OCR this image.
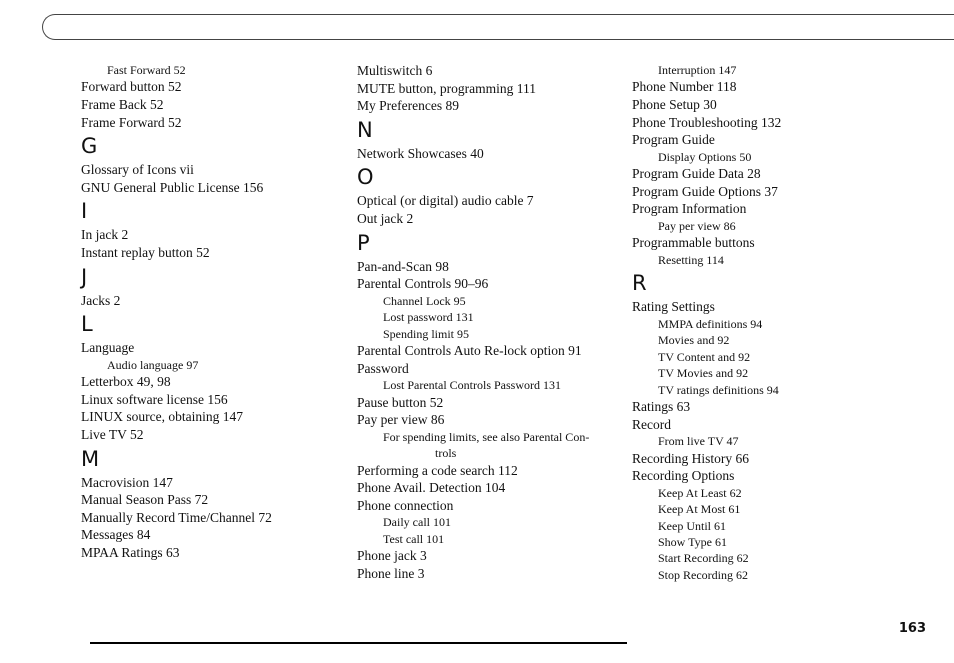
Fast Forward 52
Forward button 52
Frame Back 52
Frame Forward 52
G
Glossary of Icons vii
GNU General Public License 156
I
In jack 2
Instant replay button 52
J
Jacks 2
L
Language
Audio language 97
Letterbox 49, 98
Linux software license 156
LINUX source, obtaining 147
Live TV 52
M
Macrovision 147
Manual Season Pass 72
Manually Record Time/Channel 72
Messages 84
MPAA Ratings 63
Multiswitch 6
MUTE button, programming 111
My Preferences 89
N
Network Showcases 40
O
Optical (or digital) audio cable 7
Out jack 2
P
Pan-and-Scan 98
Parental Controls 90–96
Channel Lock 95
Lost password 131
Spending limit 95
Parental Controls Auto Re-lock option 91
Password
Lost Parental Controls Password 131
Pause button 52
Pay per view 86
For spending limits, see also Parental Con-
trols
Performing a code search 112
Phone Avail. Detection 104
Phone connection
Daily call 101
Test call 101
Phone jack 3
Phone line 3
Interruption 147
Phone Number 118
Phone Setup 30
Phone Troubleshooting 132
Program Guide
Display Options 50
Program Guide Data 28
Program Guide Options 37
Program Information
Pay per view 86
Programmable buttons
Resetting 114
R
Rating Settings
MMPA definitions 94
Movies and 92
TV Content and 92
TV Movies and 92
TV ratings definitions 94
Ratings 63
Record
From live TV 47
Recording History 66
Recording Options
Keep At Least 62
Keep At Most 61
Keep Until 61
Show Type 61
Start Recording 62
Stop Recording 62
163
